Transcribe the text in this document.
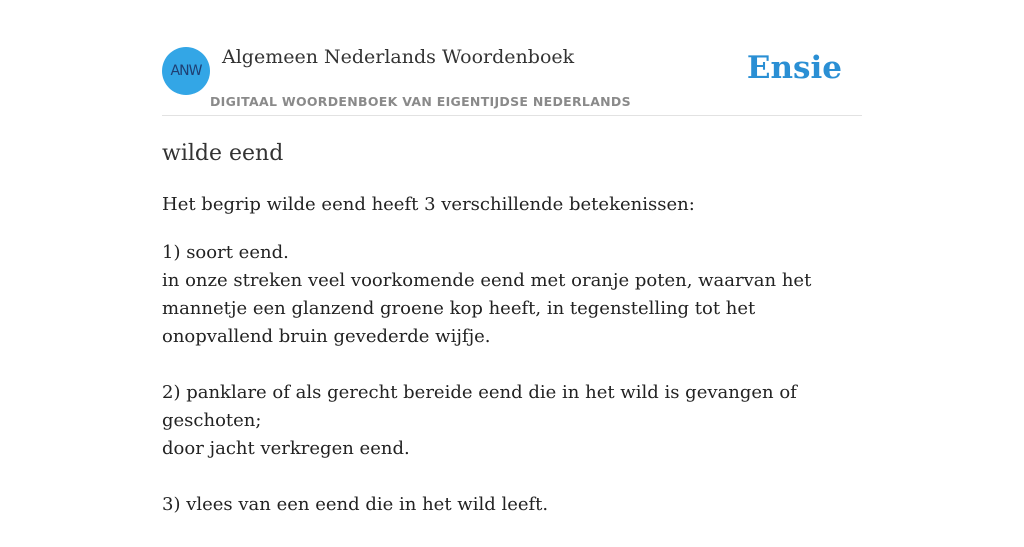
ANW
Algemeen Nederlands Woordenboek
DIGITAAL WOORDENBOEK VAN EIGENTIJDSE NEDERLANDS
Ensie
wilde eend
Het begrip wilde eend heeft 3 verschillende betekenissen:
1) soort eend.
in onze streken veel voorkomende eend met oranje poten, waarvan het mannetje een glanzend groene kop heeft, in tegenstelling tot het onopvallend bruin gevederde wijfje.
2) panklare of als gerecht bereide eend die in het wild is gevangen of geschoten;
door jacht verkregen eend.
3) vlees van een eend die in het wild leeft.
